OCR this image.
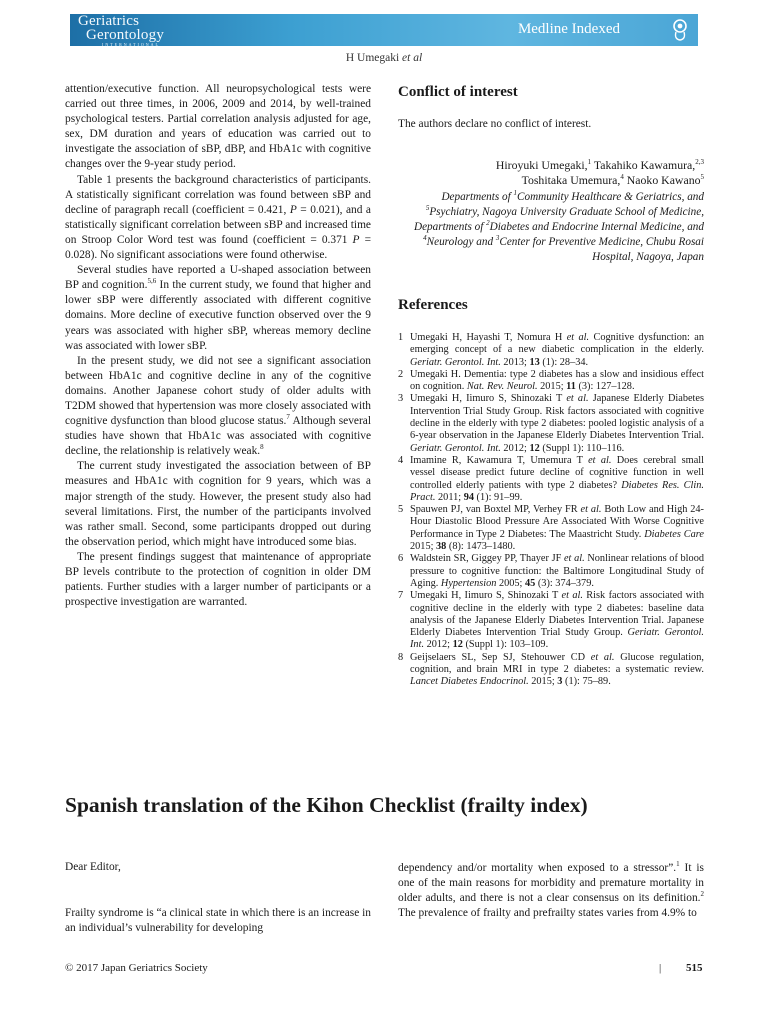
Geriatrics
Gerontology
INTERNATIONAL
Medline Indexed
H Umegaki et al

attention/executive function. All neuropsychological tests were carried out three times, in 2006, 2009 and 2014, by well-trained psychological testers. Partial correlation analysis adjusted for age, sex, DM duration and years of education was carried out to investigate the association of sBP, dBP, and HbA1c with cognitive changes over the 9-year study period.

Table 1 presents the background characteristics of participants. A statistically significant correlation was found between sBP and decline of paragraph recall (coefficient = 0.421, P = 0.021), and a statistically significant correlation between sBP and increased time on Stroop Color Word test was found (coefficient = 0.371 P = 0.028). No significant associations were found otherwise.

Several studies have reported a U-shaped association between BP and cognition.$^{5,6}$ In the current study, we found that higher and lower sBP were differently associated with different cognitive domains. More decline of executive function observed over the 9 years was associated with higher sBP, whereas memory decline was associated with lower sBP.

In the present study, we did not see a significant association between HbA1c and cognitive decline in any of the cognitive domains. Another Japanese cohort study of older adults with T2DM showed that hypertension was more closely associated with cognitive dysfunction than blood glucose status.$^7$ Although several studies have shown that HbA1c was associated with cognitive decline, the relationship is relatively weak.$^8$

The current study investigated the association between of BP measures and HbA1c with cognition for 9 years, which was a major strength of the study. However, the present study also had several limitations. First, the number of the participants involved was rather small. Second, some participants dropped out during the observation period, which might have introduced some bias.

The present findings suggest that maintenance of appropriate BP levels contribute to the protection of cognition in older DM patients. Further studies with a larger number of participants or a prospective investigation are warranted.

Conflict of interest
The authors declare no conflict of interest.
Hiroyuki Umegaki,$^1$ Takahiko Kawamura,$^{2,3}$
Toshitaka Umemura,$^4$ Naoko Kawano$^5$
Departments of $^1$Community Healthcare & Geriatrics, and
$^5$Psychiatry, Nagoya University Graduate School of Medicine,
Departments of $^2$Diabetes and Endocrine Internal Medicine, and
$^4$Neurology and $^3$Center for Preventive Medicine, Chubu Rosai
Hospital, Nagoya, Japan
References
1 Umegaki H, Hayashi T, Nomura H et al. Cognitive dysfunction: an emerging concept of a new diabetic complication in the elderly. Geriatr. Gerontol. Int. 2013; 13 (1): 28–34.
2 Umegaki H. Dementia: type 2 diabetes has a slow and insidious effect on cognition. Nat. Rev. Neurol. 2015; 11 (3): 127–128.
3 Umegaki H, Iimuro S, Shinozaki T et al. Japanese Elderly Diabetes Intervention Trial Study Group. Risk factors associated with cognitive decline in the elderly with type 2 diabetes: pooled logistic analysis of a 6-year observation in the Japanese Elderly Diabetes Intervention Trial. Geriatr. Gerontol. Int. 2012; 12 (Suppl 1): 110–116.
4 Imamine R, Kawamura T, Umemura T et al. Does cerebral small vessel disease predict future decline of cognitive function in well controlled elderly patients with type 2 diabetes? Diabetes Res. Clin. Pract. 2011; 94 (1): 91–99.
5 Spauwen PJ, van Boxtel MP, Verhey FR et al. Both Low and High 24-Hour Diastolic Blood Pressure Are Associated With Worse Cognitive Performance in Type 2 Diabetes: The Maastricht Study. Diabetes Care 2015; 38 (8): 1473–1480.
6 Waldstein SR, Giggey PP, Thayer JF et al. Nonlinear relations of blood pressure to cognitive function: the Baltimore Longitudinal Study of Aging. Hypertension 2005; 45 (3): 374–379.
7 Umegaki H, Iimuro S, Shinozaki T et al. Risk factors associated with cognitive decline in the elderly with type 2 diabetes: baseline data analysis of the Japanese Elderly Diabetes Intervention Trial. Japanese Elderly Diabetes Intervention Trial Study Group. Geriatr. Gerontol. Int. 2012; 12 (Suppl 1): 103–109.
8 Geijselaers SL, Sep SJ, Stehouwer CD et al. Glucose regulation, cognition, and brain MRI in type 2 diabetes: a systematic review. Lancet Diabetes Endocrinol. 2015; 3 (1): 75–89.
Spanish translation of the Kihon Checklist (frailty index)
Dear Editor,
Frailty syndrome is “a clinical state in which there is an increase in an individual’s vulnerability for developing
dependency and/or mortality when exposed to a stressor”.$^1$ It is one of the main reasons for morbidity and premature mortality in older adults, and there is not a clear consensus on its definition.$^2$ The prevalence of frailty and prefrailty states varies from 4.9% to
© 2017 Japan Geriatrics Society	| 515
